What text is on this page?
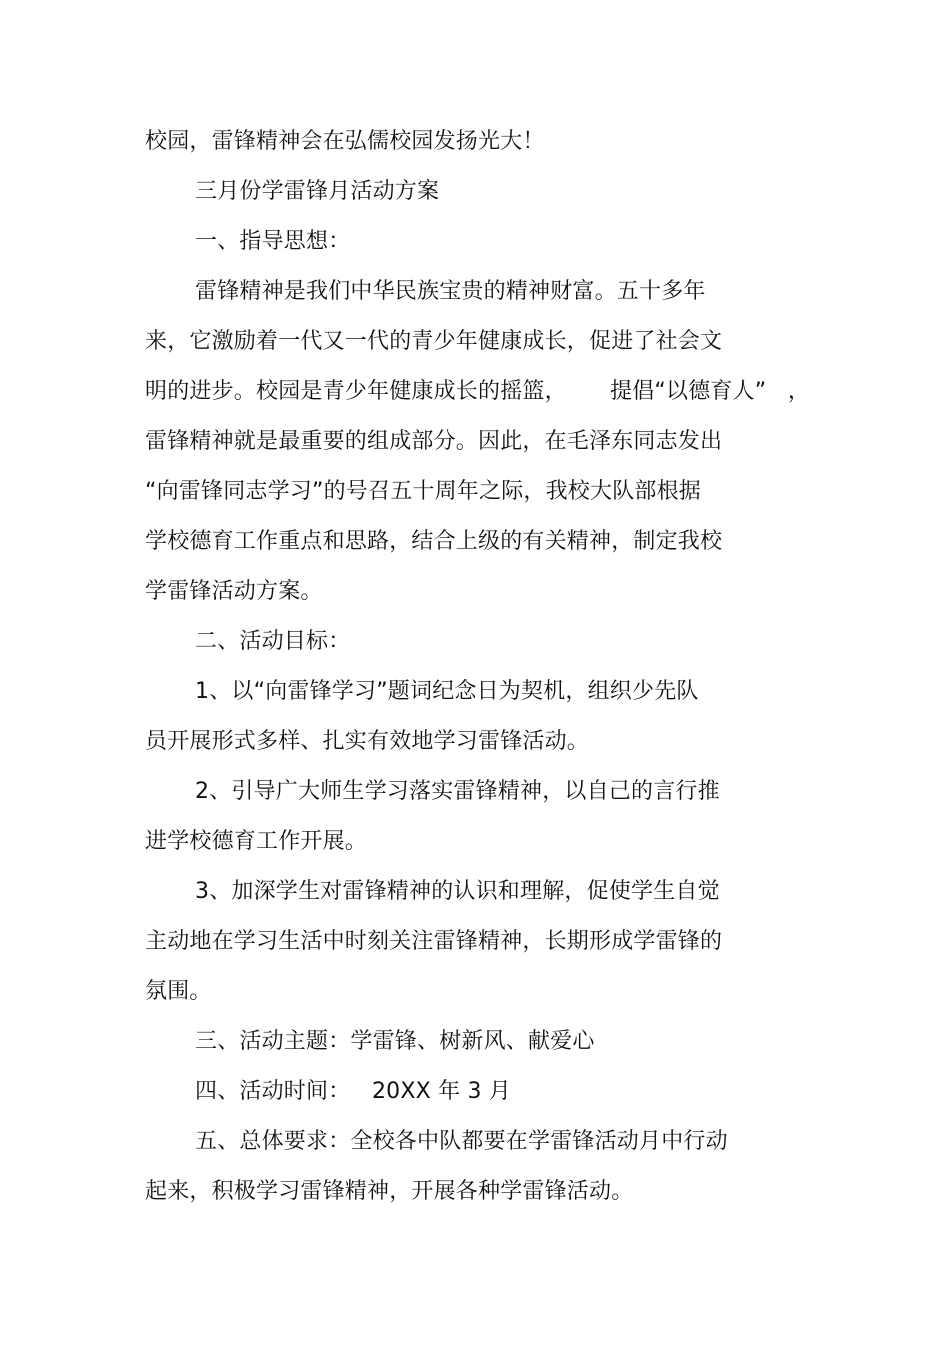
校园，雷锋精神会在弘儒校园发扬光大！
三月份学雷锋月活动方案
一、指导思想：
雷锋精神是我们中华民族宝贵的精神财富。五十多年
来，它激励着一代又一代的青少年健康成长，促进了社会文
明的进步。校园是青少年健康成长的摇篮，      提倡“以德育人”   ，
雷锋精神就是最重要的组成部分。因此，在毛泽东同志发出
“向雷锋同志学习”的号召五十周年之际，我校大队部根据
学校德育工作重点和思路，结合上级的有关精神，制定我校
学雷锋活动方案。
二、活动目标：
1、以“向雷锋学习”题词纪念日为契机，组织少先队
员开展形式多样、扎实有效地学习雷锋活动。
2、引导广大师生学习落实雷锋精神，以自己的言行推
进学校德育工作开展。
3、加深学生对雷锋精神的认识和理解，促使学生自觉
主动地在学习生活中时刻关注雷锋精神，长期形成学雷锋的
氛围。
三、活动主题：学雷锋、树新风、献爱心
四、活动时间：   20XX 年 3 月
五、总体要求：全校各中队都要在学雷锋活动月中行动
起来，积极学习雷锋精神，开展各种学雷锋活动。
